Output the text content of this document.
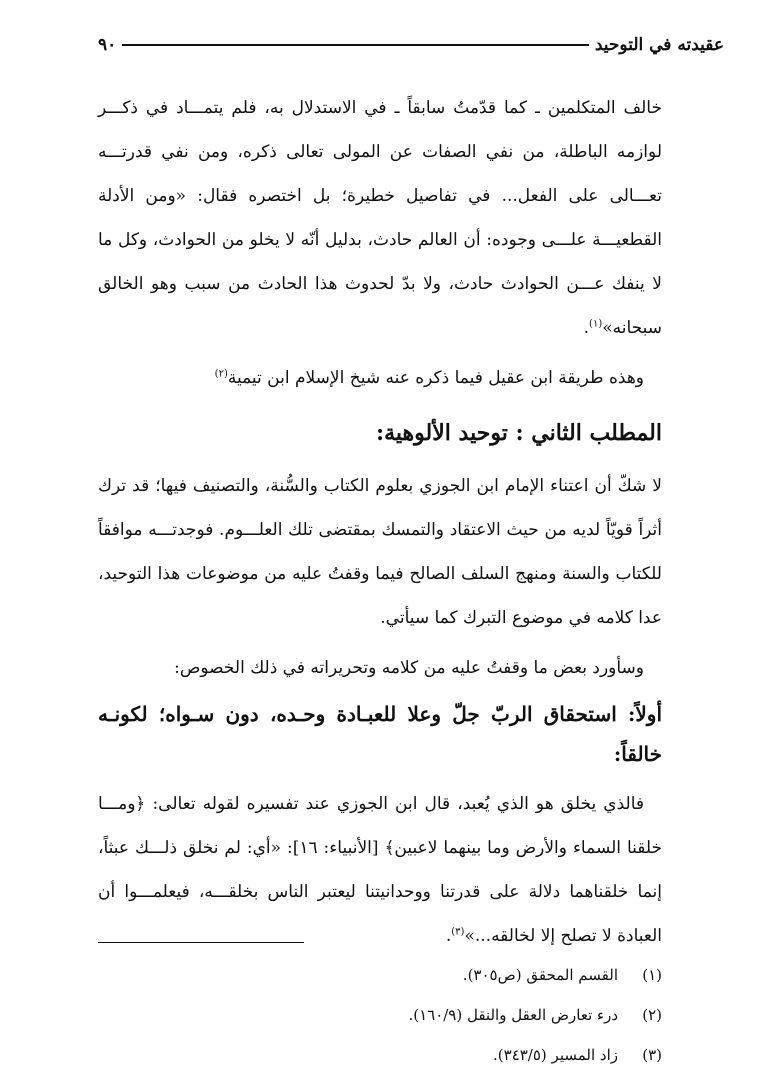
عقيدته في التوحيد
٩٠

خالف المتكلمين ـ كما قدّمتُ سابقاً ـ في الاستدلال به، فلم يتمـــاد في ذكـــر لوازمه الباطلة، من نفي الصفات عن المولى تعالى ذكره، ومن نفي قدرتـــه تعـــالى على الفعل... في تفاصيل خطيرة؛ بل اختصره فقال: «ومن الأدلة القطعيـــة علـــى وجوده: أن العالم حادث، بدليل أنّه لا يخلو من الحوادث، وكل ما لا ينفك عـــن الحوادث حادث، ولا بدّ لحدوث هذا الحادث من سبب وهو الخالق سبحانه»$^{(١)}$.

وهذه طريقة ابن عقيل فيما ذكره عنه شيخ الإسلام ابن تيمية$^{(٢)}$

المطلب الثاني : توحيد الألوهية:

لا شكّ أن اعتناء الإمام ابن الجوزي بعلوم الكتاب والسُّنة، والتصنيف فيها؛ قد ترك أثراً قويّاً لديه من حيث الاعتقاد والتمسك بمقتضى تلك العلـــوم. فوجدتـــه موافقاً للكتاب والسنة ومنهج السلف الصالح فيما وقفتُ عليه من موضوعات هذا التوحيد، عدا كلامه في موضوع التبرك كما سيأتي.

وسأورد بعض ما وقفتُ عليه من كلامه وتحريراته في ذلك الخصوص:

أولاً: استحقاق الربّ جلّ وعلا للعبـادة وحـده، دون سـواه؛ لكونـه خالقاً:

فالذي يخلق هو الذي يُعبد، قال ابن الجوزي عند تفسيره لقوله تعالى: ﴿ومـــا خلقنا السماء والأرض وما بينهما لاعبين﴾ [الأنبياء: ١٦]: «أي: لم نخلق ذلـــك عبثاً، إنما خلقناهما دلالة على قدرتنا ووحدانيتنا ليعتبر الناس بخلقـــه، فيعلمـــوا أن العبادة لا تصلح إلا لخالقه...»$^{(٣)}$.

(١)
القسم المحقق (ص٣٠٥).
(٢)
درء تعارض العقل والنقل (١٦٠/٩).
(٣)
زاد المسير (٣٤٣/٥).
